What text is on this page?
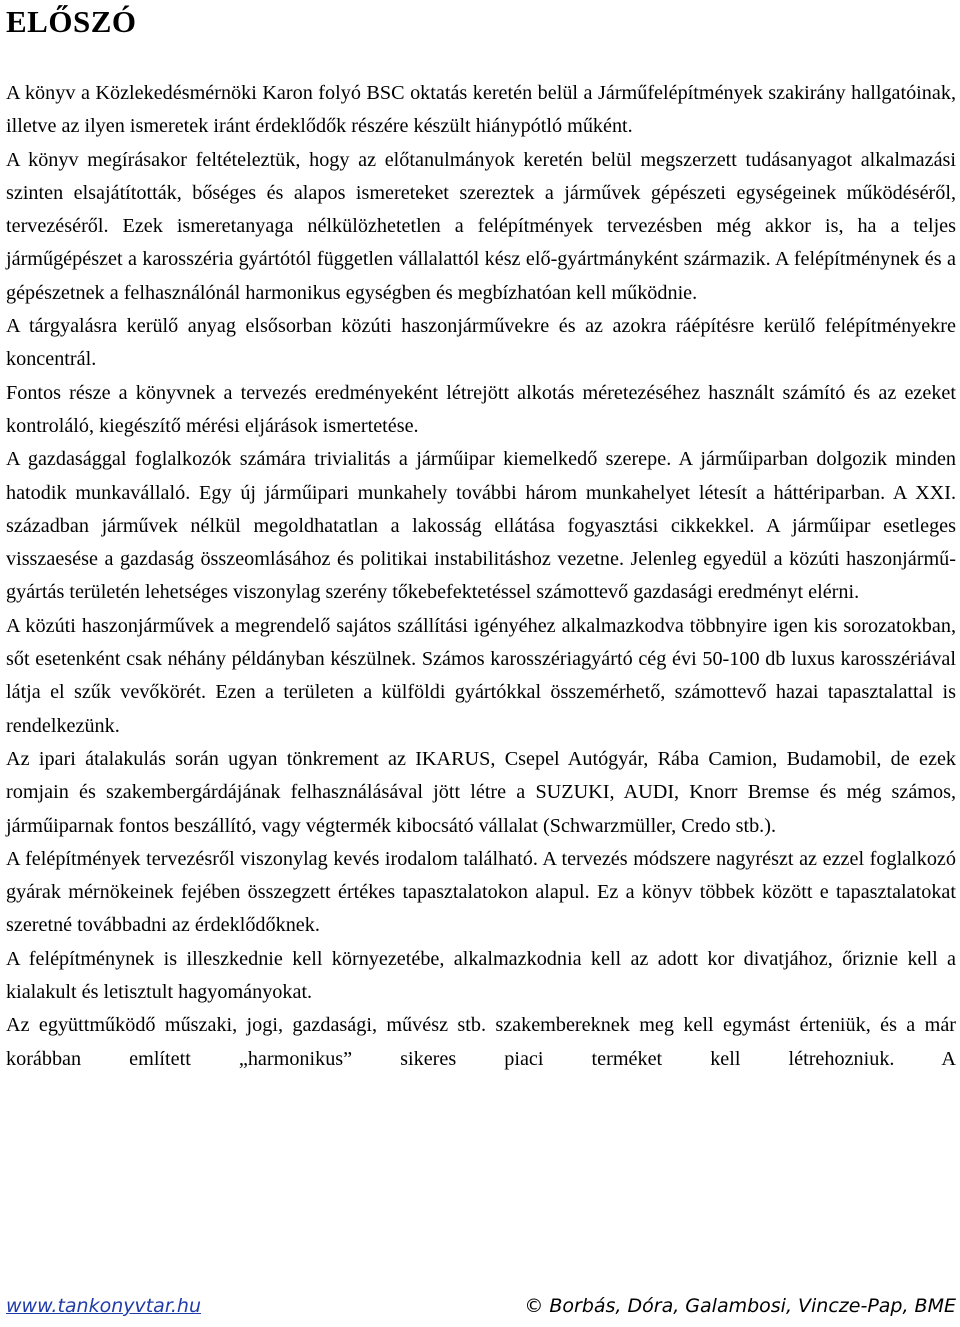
ELŐSZÓ

A könyv a Közlekedésmérnöki Karon folyó BSC oktatás keretén belül a Járműfelépítmények szakirány hallgatóinak, illetve az ilyen ismeretek iránt érdeklődők részére készült hiánypótló műként.

A könyv megírásakor feltételeztük, hogy az előtanulmányok keretén belül megszerzett tudásanyagot alkalmazási szinten elsajátították, bőséges és alapos ismereteket szereztek a járművek gépészeti egységeinek működéséről, tervezéséről. Ezek ismeretanyaga nélkülözhetetlen a felépítmények tervezésben még akkor is, ha a teljes járműgépészet a karosszéria gyártótól független vállalattól kész elő-gyártmányként származik. A felépítménynek és a gépészetnek a felhasználónál harmonikus egységben és megbízhatóan kell működnie.

A tárgyalásra kerülő anyag elsősorban közúti haszonjárművekre és az azokra ráépítésre kerülő felépítményekre koncentrál.

Fontos része a könyvnek a tervezés eredményeként létrejött alkotás méretezéséhez használt számító és az ezeket kontroláló, kiegészítő mérési eljárások ismertetése.

A gazdasággal foglalkozók számára trivialitás a járműipar kiemelkedő szerepe. A járműiparban dolgozik minden hatodik munkavállaló. Egy új járműipari munkahely további három munkahelyet létesít a háttériparban. A XXI. században járművek nélkül megoldhatatlan a lakosság ellátása fogyasztási cikkekkel. A járműipar esetleges visszaesése a gazdaság összeomlásához és politikai instabilitáshoz vezetne. Jelenleg egyedül a közúti haszonjármű-gyártás területén lehetséges viszonylag szerény tőkebefektetéssel számottevő gazdasági eredményt elérni.

A közúti haszonjárművek a megrendelő sajátos szállítási igényéhez alkalmazkodva többnyire igen kis sorozatokban, sőt esetenként csak néhány példányban készülnek. Számos karosszériagyártó cég évi 50-100 db luxus karosszériával látja el szűk vevőkörét. Ezen a területen a külföldi gyártókkal összemérhető, számottevő hazai tapasztalattal is rendelkezünk.

Az ipari átalakulás során ugyan tönkrement az IKARUS, Csepel Autógyár, Rába Camion, Budamobil, de ezek romjain és szakembergárdájának felhasználásával jött létre a SUZUKI, AUDI, Knorr Bremse és még számos, járműiparnak fontos beszállító, vagy végtermék kibocsátó vállalat (Schwarzmüller, Credo stb.).

A felépítmények tervezésről viszonylag kevés irodalom található. A tervezés módszere nagyrészt az ezzel foglalkozó gyárak mérnökeinek fejében összegzett értékes tapasztalatokon alapul. Ez a könyv többek között e tapasztalatokat szeretné továbbadni az érdeklődőknek.

A felépítménynek is illeszkednie kell környezetébe, alkalmazkodnia kell az adott kor divatjához, őriznie kell a kialakult és letisztult hagyományokat.

Az együttműködő műszaki, jogi, gazdasági, művész stb. szakembereknek meg kell egymást érteniük, és a már korábban említett „harmonikus” sikeres piaci terméket kell létrehozniuk. A

www.tankonyvtar.hu	© Borbás, Dóra, Galambosi, Vincze-Pap, BME
